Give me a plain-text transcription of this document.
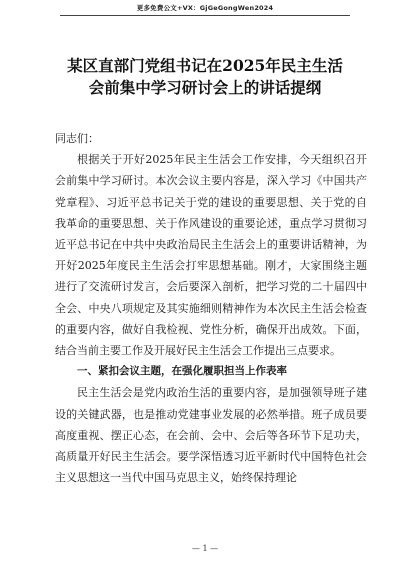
更多免费公文+VX：GjGeGongWen2024
某区直部门党组书记在2025年民主生活
会前集中学习研讨会上的讲话提纲

同志们：

根据关于开好2025年民主生活会工作安排，今天组织召开会前集中学习研讨。本次会议主要内容是，深入学习《中国共产党章程》、习近平总书记关于党的建设的重要思想、关于党的自我革命的重要思想、关于作风建设的重要论述，重点学习贯彻习近平总书记在中共中央政治局民主生活会上的重要讲话精神，为开好2025年度民主生活会打牢思想基础。刚才，大家围绕主题进行了交流研讨发言，会后要深入剖析，把学习党的二十届四中全会、中央八项规定及其实施细则精神作为本次民主生活会检查的重要内容，做好自我检视、党性分析，确保开出成效。下面，结合当前主要工作及开展好民主生活会工作提出三点要求。

一、紧扣会议主题，在强化履职担当上作表率

民主生活会是党内政治生活的重要内容，是加强领导班子建设的关键武器，也是推动党建事业发展的必然举措。班子成员要高度重视、摆正心态，在会前、会中、会后等各环节下足功夫，高质量开好民主生活会。要学深悟透习近平新时代中国特色社会主义思想这一当代中国马克思主义，始终保持理论

— 1 —
